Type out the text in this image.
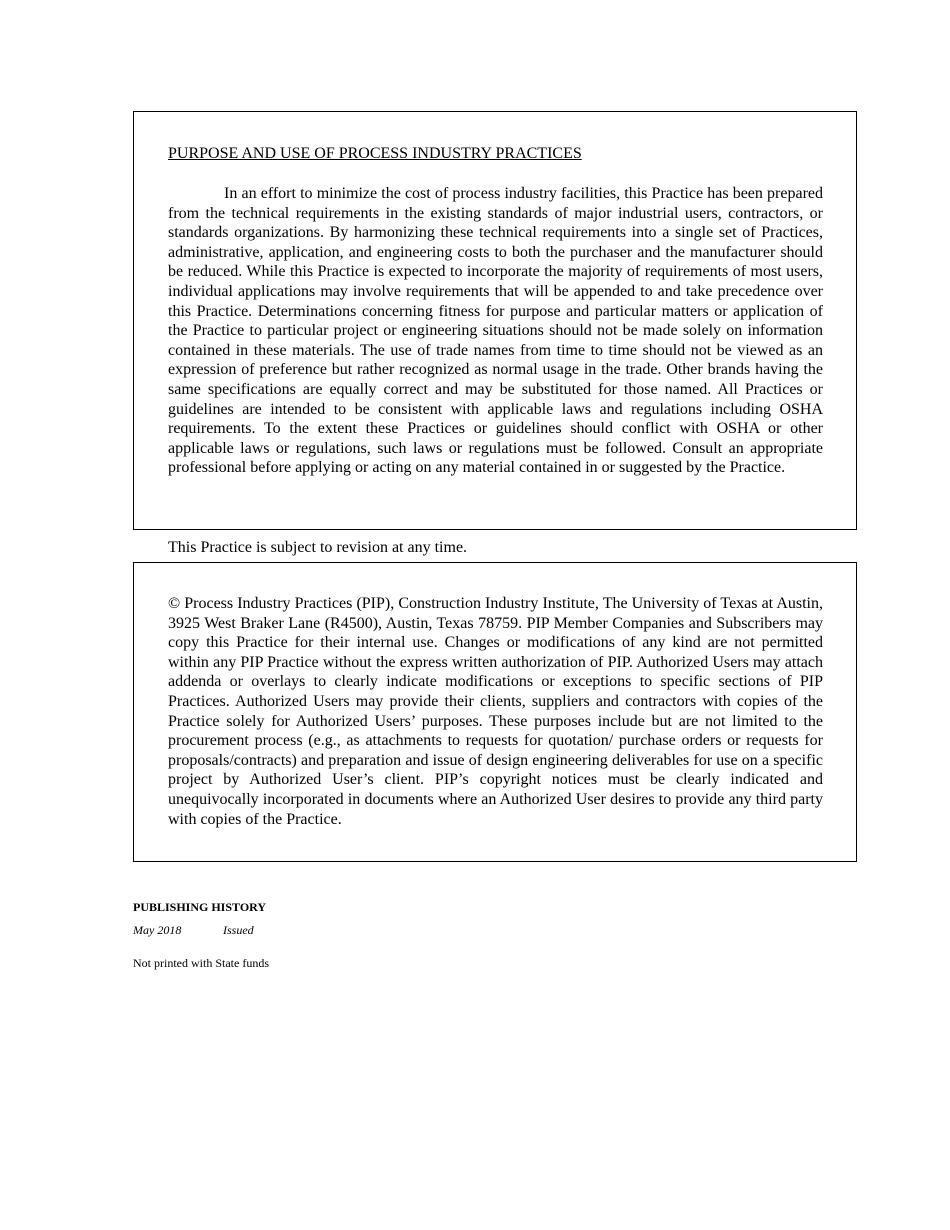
PURPOSE AND USE OF PROCESS INDUSTRY PRACTICES

In an effort to minimize the cost of process industry facilities, this Practice has been prepared from the technical requirements in the existing standards of major industrial users, contractors, or standards organizations. By harmonizing these technical requirements into a single set of Practices, administrative, application, and engineering costs to both the purchaser and the manufacturer should be reduced. While this Practice is expected to incorporate the majority of requirements of most users, individual applications may involve requirements that will be appended to and take precedence over this Practice. Determinations concerning fitness for purpose and particular matters or application of the Practice to particular project or engineering situations should not be made solely on information contained in these materials. The use of trade names from time to time should not be viewed as an expression of preference but rather recognized as normal usage in the trade. Other brands having the same specifications are equally correct and may be substituted for those named. All Practices or guidelines are intended to be consistent with applicable laws and regulations including OSHA requirements. To the extent these Practices or guidelines should conflict with OSHA or other applicable laws or regulations, such laws or regulations must be followed. Consult an appropriate professional before applying or acting on any material contained in or suggested by the Practice.

This Practice is subject to revision at any time.

© Process Industry Practices (PIP), Construction Industry Institute, The University of Texas at Austin, 3925 West Braker Lane (R4500), Austin, Texas 78759. PIP Member Companies and Subscribers may copy this Practice for their internal use. Changes or modifications of any kind are not permitted within any PIP Practice without the express written authorization of PIP. Authorized Users may attach addenda or overlays to clearly indicate modifications or exceptions to specific sections of PIP Practices. Authorized Users may provide their clients, suppliers and contractors with copies of the Practice solely for Authorized Users’ purposes. These purposes include but are not limited to the procurement process (e.g., as attachments to requests for quotation/ purchase orders or requests for proposals/contracts) and preparation and issue of design engineering deliverables for use on a specific project by Authorized User’s client. PIP’s copyright notices must be clearly indicated and unequivocally incorporated in documents where an Authorized User desires to provide any third party with copies of the Practice.

PUBLISHING HISTORY

May 2018	Issued

Not printed with State funds
